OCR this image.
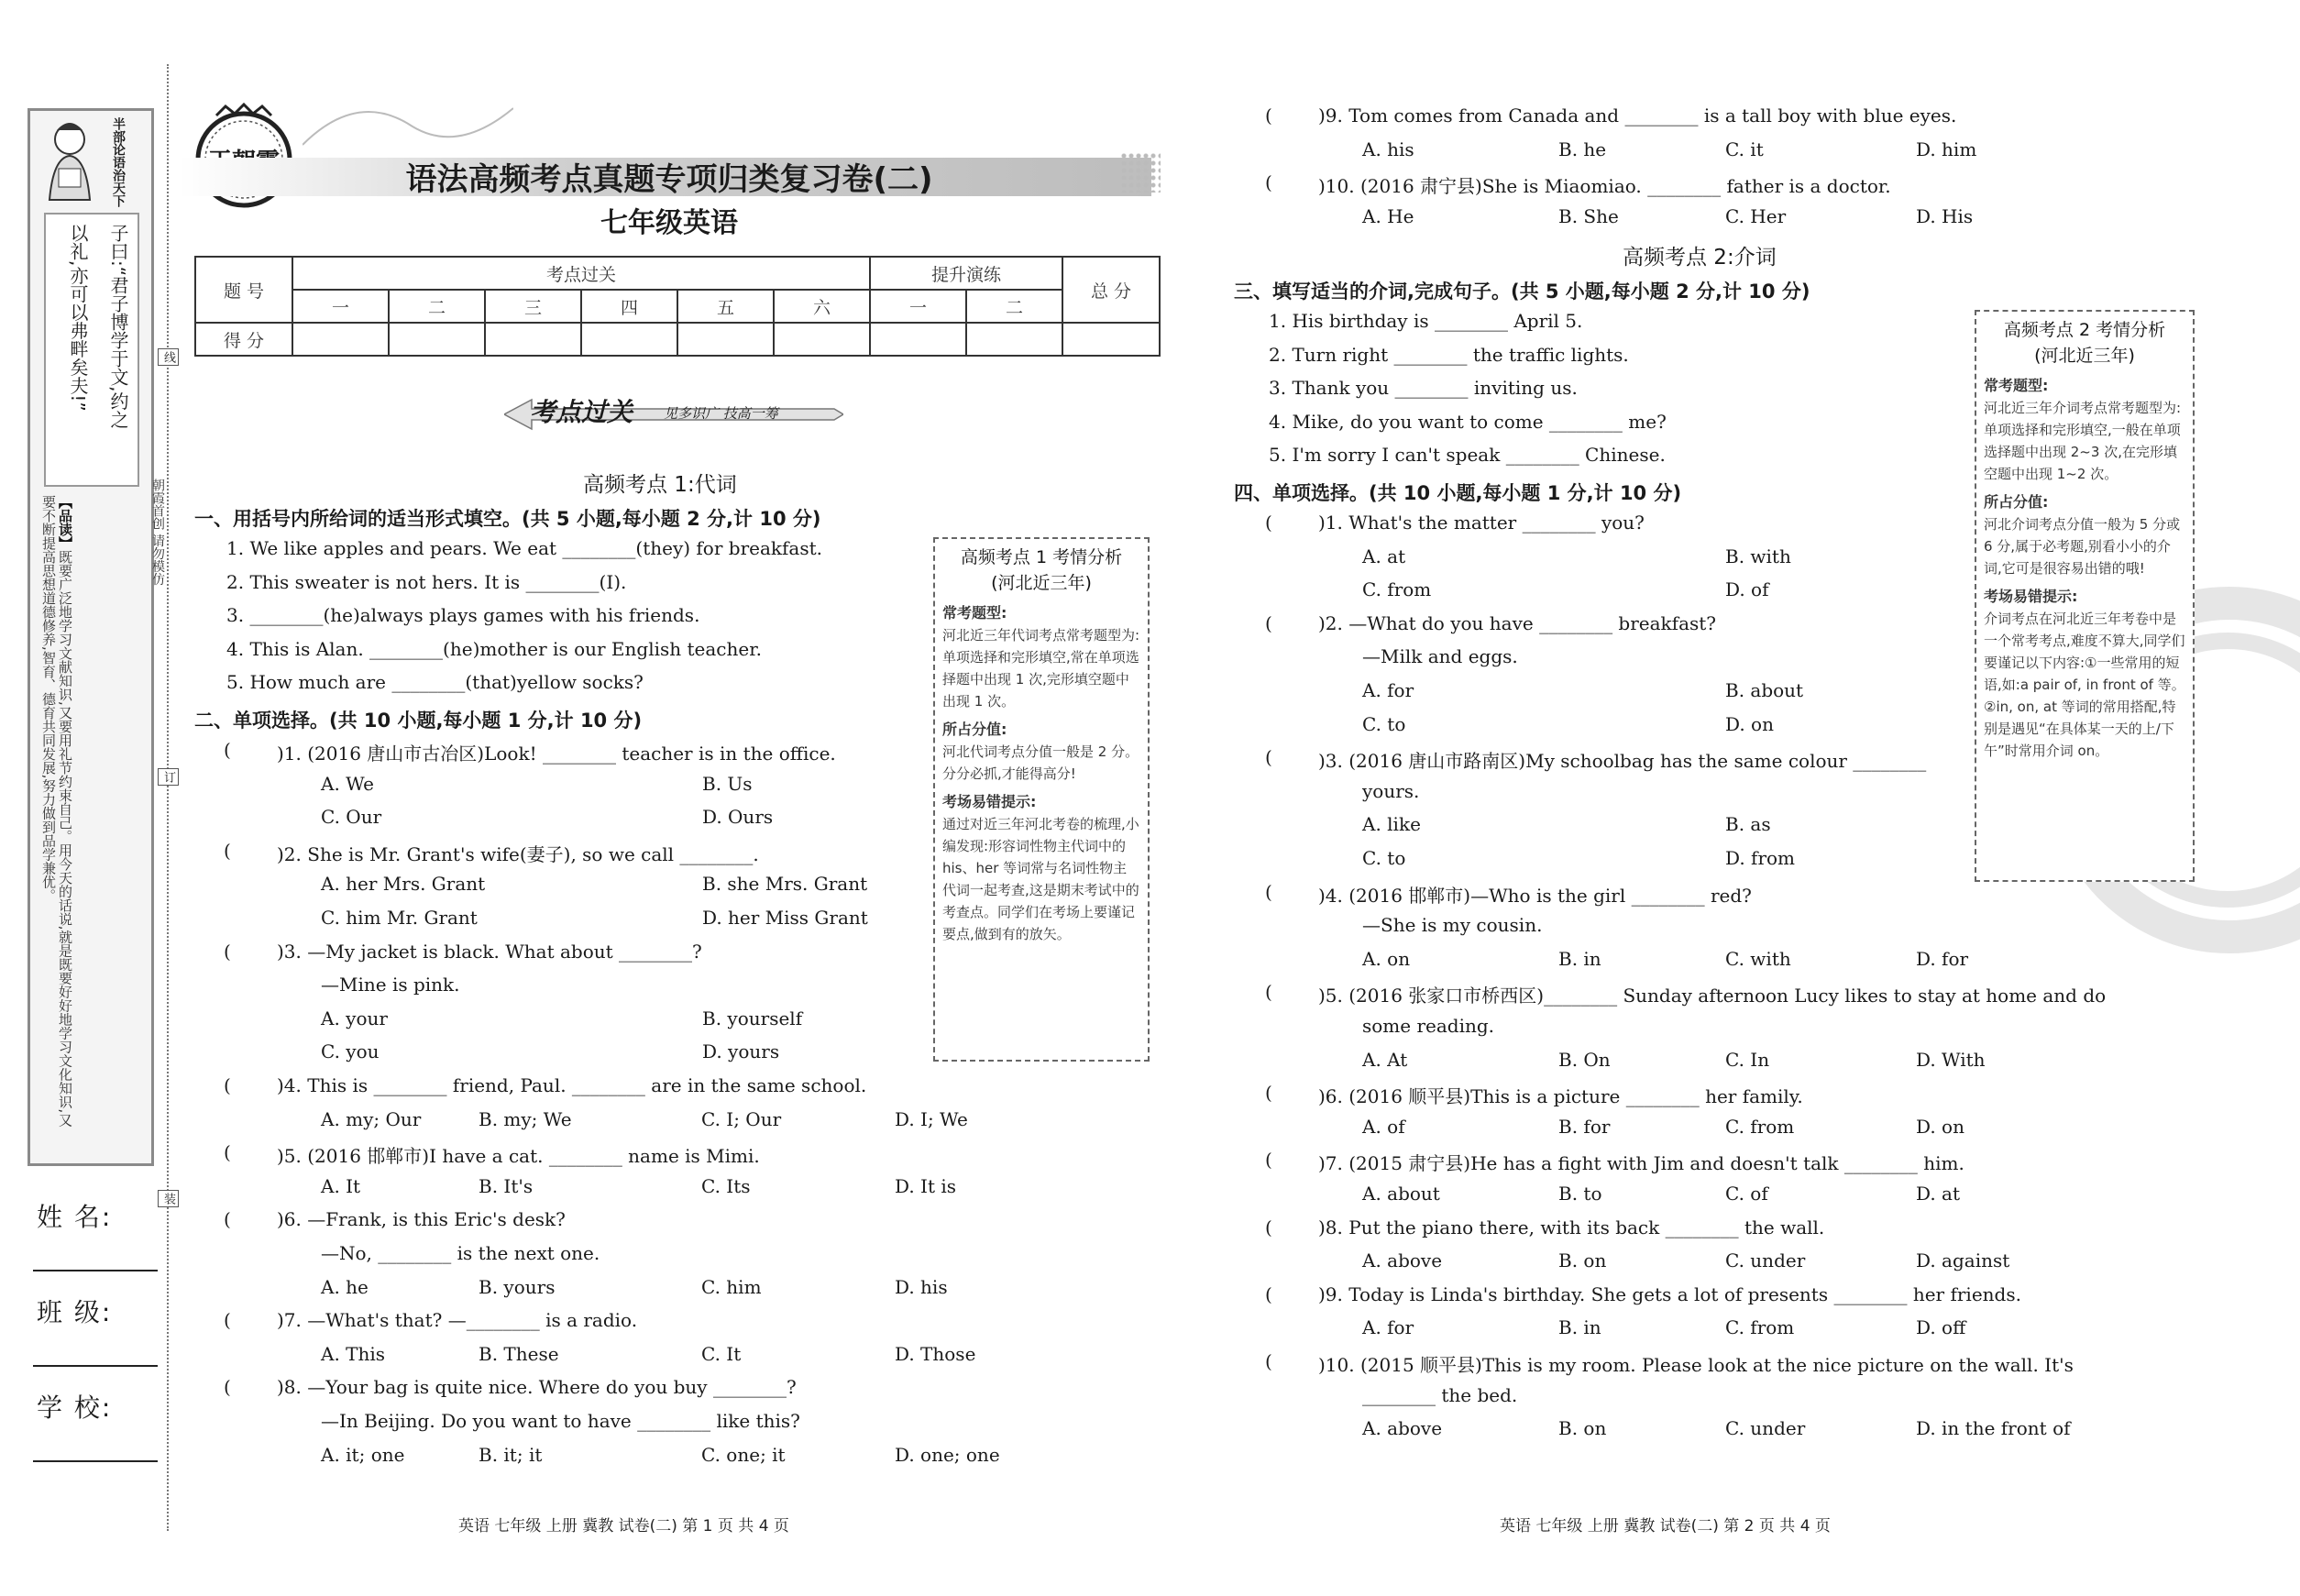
半部论语治天下
子曰:“君子博学于文,约之
以礼,亦可以弗畔矣夫!”
【品读】既要广泛地学习文献知识,又要用礼节约束自己。用今天的话说,就是既要好好地学习文化知识,又要不断提高思想道德修养,智育、德育共同发展,努力做到品学兼优。
姓 名:
班 级:
学 校:
线
订
装
朝霞首创 请勿模仿
语法高频考点真题专项归类复习卷(二)
七年级英语
题 号	考点过关						提升演练		总 分
	一	二	三	四	五	六	一	二	
得 分									
考点过关 见多识广 技高一筹
高频考点 1 考情分析
(河北近三年)
常考题型:

河北近三年代词考点常考题型为:单项选择和完形填空,常在单项选择题中出现 1 次,完形填空题中出现 1 次。

所占分值:

河北代词考点分值一般是 2 分。分分必抓,才能得高分!

考场易错提示:

通过对近三年河北考卷的梳理,小编发现:形容词性物主代词中的 his、her 等词常与名词性物主代词一起考查,这是期末考试中的考查点。同学们在考场上要谨记要点,做到有的放矢。

高频考点 2 考情分析
(河北近三年)
常考题型:

河北近三年介词考点常考题型为:单项选择和完形填空,一般在单项选择题中出现 2~3 次,在完形填空题中出现 1~2 次。

所占分值:

河北介词考点分值一般为 5 分或 6 分,属于必考题,别看小小的介词,它可是很容易出错的哦!

考场易错提示:

介词考点在河北近三年考卷中是一个常考考点,难度不算大,同学们要谨记以下内容:①一些常用的短语,如:a pair of, in front of 等。②in, on, at 等词的常用搭配,特别是遇见“在具体某一天的上/下午”时常用介词 on。

英语 七年级 上册 冀教 试卷(二) 第 1 页 共 4 页	英语 七年级 上册 冀教 试卷(二) 第 2 页 共 4 页
高频考点 1:代词
一、用括号内所给词的适当形式填空。(共 5 小题,每小题 2 分,计 10 分)
1. We like apples and pears. We eat ________(they) for breakfast.
2. This sweater is not hers. It is ________(I).
3. ________(he)always plays games with his friends.
4. This is Alan. ________(he)mother is our English teacher.
5. How much are ________(that)yellow socks?
二、单项选择。(共 10 小题,每小题 1 分,计 10 分)
(	)1. (2016 唐山市古冶区)Look! ________ teacher is in the office.
A. We	B. Us
C. Our	D. Ours
(	)2. She is Mr. Grant's wife(妻子), so we call ________.
A. her Mrs. Grant	B. she Mrs. Grant
C. him Mr. Grant	D. her Miss Grant
(	)3. —My jacket is black. What about ________?
—Mine is pink.
A. your	B. yourself
C. you	D. yours
(	)4. This is ________ friend, Paul. ________ are in the same school.
A. my; Our	B. my; We	C. I; Our	D. I; We
(	)5. (2016 邯郸市)I have a cat. ________ name is Mimi.
A. It	B. It's	C. Its	D. It is
(	)6. —Frank, is this Eric's desk?
—No, ________ is the next one.
A. he	B. yours	C. him	D. his
(	)7. —What's that? —________ is a radio.
A. This	B. These	C. It	D. Those
(	)8. —Your bag is quite nice. Where do you buy ________?
—In Beijing. Do you want to have ________ like this?
A. it; one	B. it; it	C. one; it	D. one; one
(	)9. Tom comes from Canada and ________ is a tall boy with blue eyes.
A. his	B. he	C. it	D. him
(	)10. (2016 肃宁县)She is Miaomiao. ________ father is a doctor.
A. He	B. She	C. Her	D. His
高频考点 2:介词
三、填写适当的介词,完成句子。(共 5 小题,每小题 2 分,计 10 分)
1. His birthday is ________ April 5.
2. Turn right ________ the traffic lights.
3. Thank you ________ inviting us.
4. Mike, do you want to come ________ me?
5. I'm sorry I can't speak ________ Chinese.
四、单项选择。(共 10 小题,每小题 1 分,计 10 分)
(	)1. What's the matter ________ you?
A. at	B. with
C. from	D. of
(	)2. —What do you have ________ breakfast?
—Milk and eggs.
A. for	B. about
C. to	D. on
(	)3. (2016 唐山市路南区)My schoolbag has the same colour ________
yours.
A. like	B. as
C. to	D. from
(	)4. (2016 邯郸市)—Who is the girl ________ red?
—She is my cousin.
A. on	B. in	C. with	D. for
(	)5. (2016 张家口市桥西区)________ Sunday afternoon Lucy likes to stay at home and do
some reading.
A. At	B. On	C. In	D. With
(	)6. (2016 顺平县)This is a picture ________ her family.
A. of	B. for	C. from	D. on
(	)7. (2015 肃宁县)He has a fight with Jim and doesn't talk ________ him.
A. about	B. to	C. of	D. at
(	)8. Put the piano there, with its back ________ the wall.
A. above	B. on	C. under	D. against
(	)9. Today is Linda's birthday. She gets a lot of presents ________ her friends.
A. for	B. in	C. from	D. off
(	)10. (2015 顺平县)This is my room. Please look at the nice picture on the wall. It's
________ the bed.
A. above	B. on	C. under	D. in the front of
